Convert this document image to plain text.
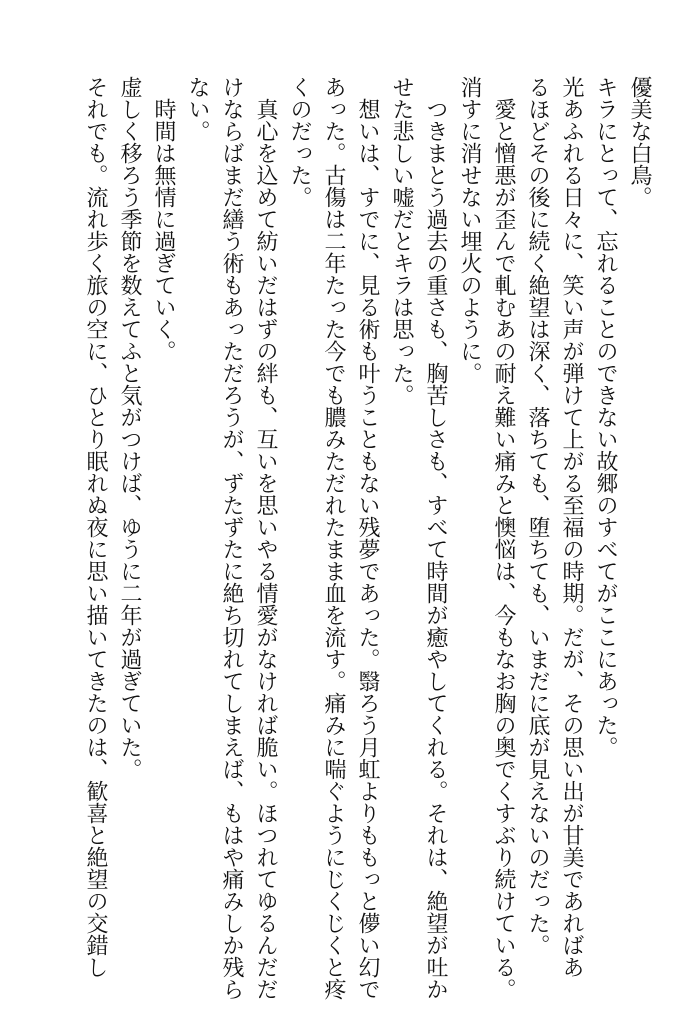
優美な白鳥。
キラにとって、忘れることのできない故郷のすべてがここにあった。
光あふれる日々に、笑い声が弾けて上がる至福の時期。だが、その思い出が甘美であればあ
るほどその後に続く絶望は深く、落ちても、堕ちても、いまだに底が見えないのだった。
愛と憎悪が歪んで軋むあの耐え難い痛みと懊悩は、今もなお胸の奥でくすぶり続けている。
消すに消せない埋火のように。
つきまとう過去の重さも、胸苦しさも、すべて時間が癒やしてくれる。それは、絶望が吐か
せた悲しい嘘だとキラは思った。
想いは、すでに、見る術も叶うこともない残夢であった。翳ろう月虹よりももっと儚い幻で
あった。古傷は二年たった今でも膿みただれたまま血を流す。痛みに喘ぐようにじくじくと疼
くのだった。
真心を込めて紡いだはずの絆も、互いを思いやる情愛がなければ脆い。ほつれてゆるんだだ
けならばまだ繕う術もあっただろうが、ずたずたに絶ち切れてしまえば、もはや痛みしか残ら
ない。
時間は無情に過ぎていく。
虚しく移ろう季節を数えてふと気がつけば、ゆうに二年が過ぎていた。
それでも。流れ歩く旅の空に、ひとり眠れぬ夜に思い描いてきたのは、歓喜と絶望の交錯し
